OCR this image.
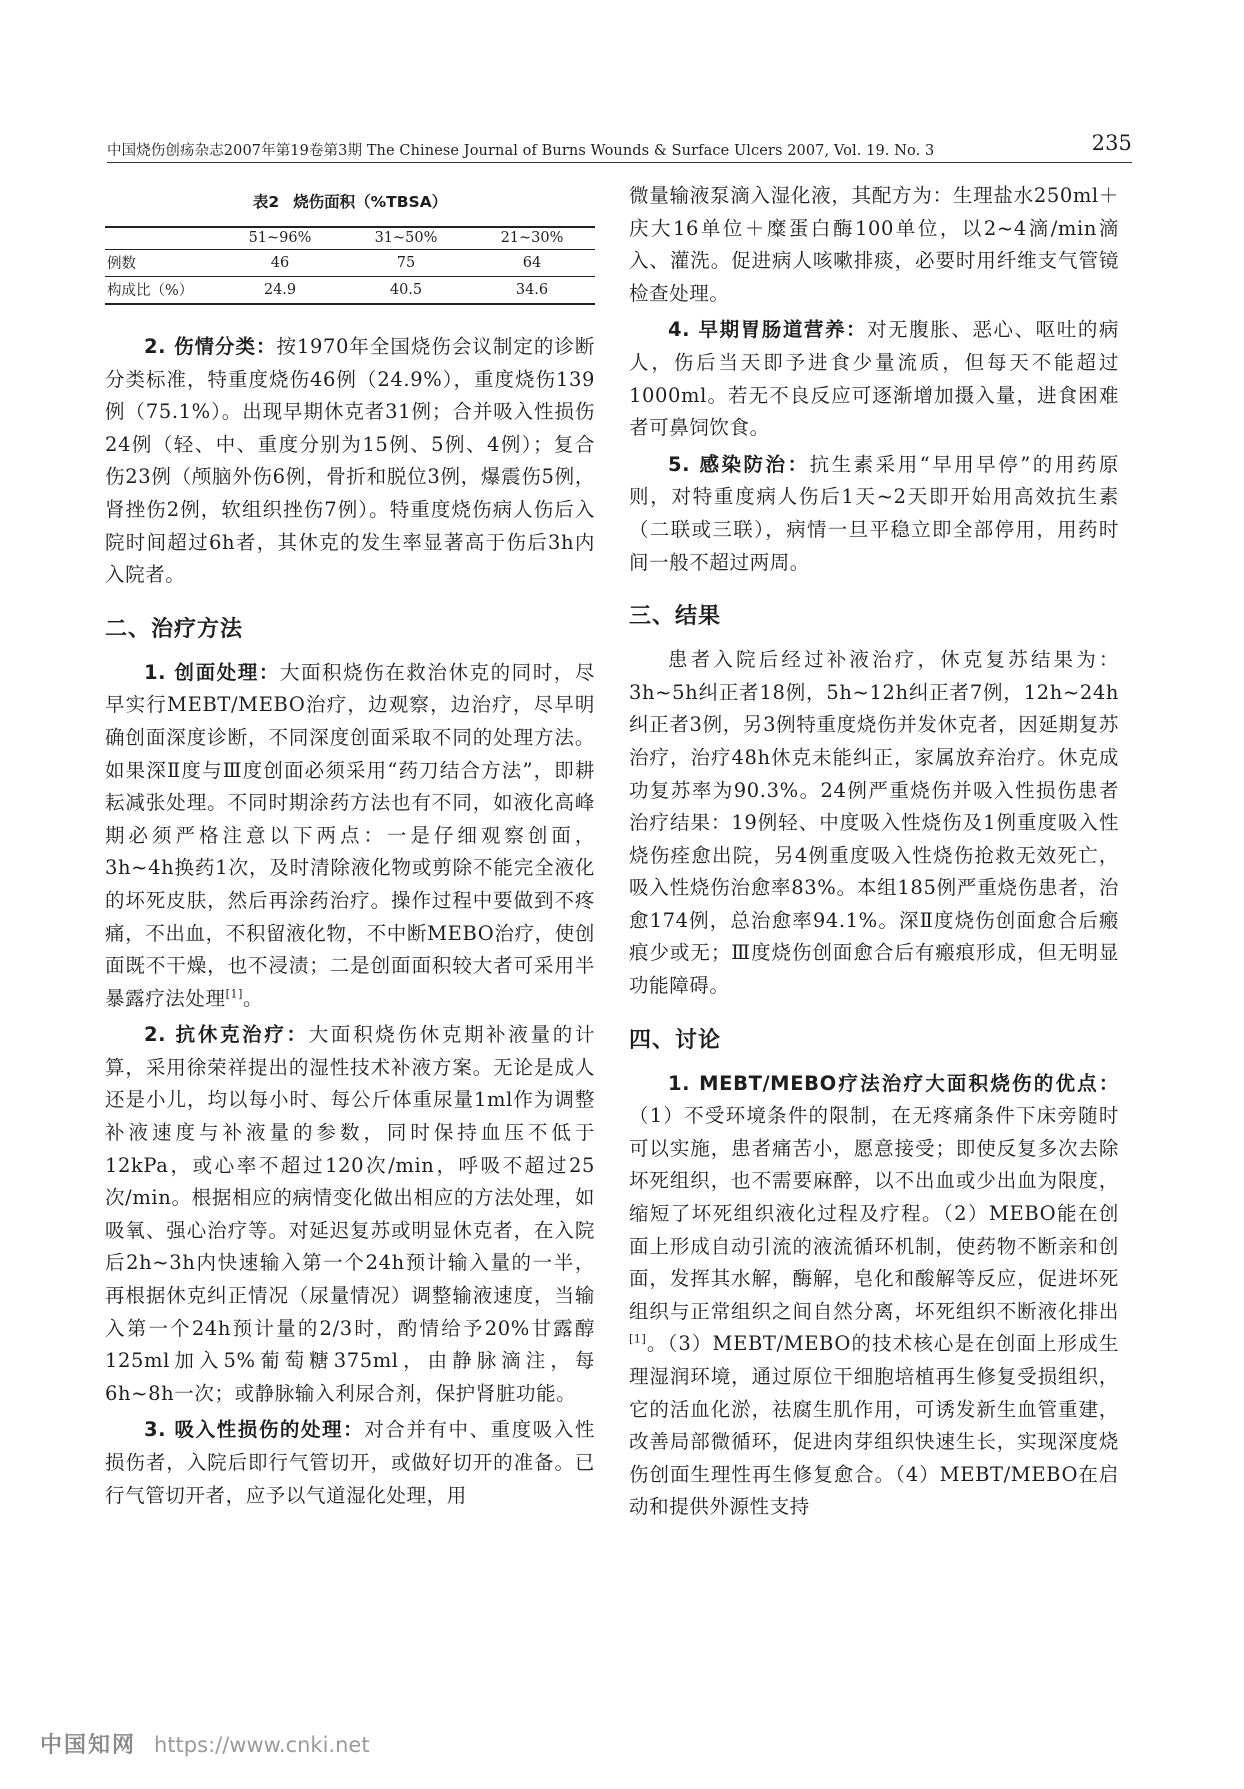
中国烧伤创疡杂志2007年第19卷第3期 The Chinese Journal of Burns Wounds & Surface Ulcers 2007, Vol. 19. No. 3	235
表2 烧伤面积（%TBSA）
	51~96%	31~50%	21~30%
例数	46	75	64
构成比（%）	24.9	40.5	34.6

2. 伤情分类：按1970年全国烧伤会议制定的诊断分类标准，特重度烧伤46例（24.9%），重度烧伤139例（75.1%）。出现早期休克者31例；合并吸入性损伤24例（轻、中、重度分别为15例、5例、4例）；复合伤23例（颅脑外伤6例，骨折和脱位3例，爆震伤5例，肾挫伤2例，软组织挫伤7例）。特重度烧伤病人伤后入院时间超过6h者，其休克的发生率显著高于伤后3h内入院者。

二、治疗方法

1. 创面处理：大面积烧伤在救治休克的同时，尽早实行MEBT/MEBO治疗，边观察，边治疗，尽早明确创面深度诊断，不同深度创面采取不同的处理方法。如果深Ⅱ度与Ⅲ度创面必须采用“药刀结合方法”，即耕耘减张处理。不同时期涂药方法也有不同，如液化高峰期必须严格注意以下两点：一是仔细观察创面，3h~4h换药1次，及时清除液化物或剪除不能完全液化的坏死皮肤，然后再涂药治疗。操作过程中要做到不疼痛，不出血，不积留液化物，不中断MEBO治疗，使创面既不干燥，也不浸渍；二是创面面积较大者可采用半暴露疗法处理[1]。

2. 抗休克治疗：大面积烧伤休克期补液量的计算，采用徐荣祥提出的湿性技术补液方案。无论是成人还是小儿，均以每小时、每公斤体重尿量1ml作为调整补液速度与补液量的参数，同时保持血压不低于12kPa，或心率不超过120次/min，呼吸不超过25次/min。根据相应的病情变化做出相应的方法处理，如吸氧、强心治疗等。对延迟复苏或明显休克者，在入院后2h~3h内快速输入第一个24h预计输入量的一半，再根据休克纠正情况（尿量情况）调整输液速度，当输入第一个24h预计量的2/3时，酌情给予20%甘露醇125ml加入5%葡萄糖375ml，由静脉滴注，每6h~8h一次；或静脉输入利尿合剂，保护肾脏功能。

3. 吸入性损伤的处理：对合并有中、重度吸入性损伤者，入院后即行气管切开，或做好切开的准备。已行气管切开者，应予以气道湿化处理，用

微量输液泵滴入湿化液，其配方为：生理盐水250ml＋庆大16单位＋糜蛋白酶100单位，以2~4滴/min滴入、灌洗。促进病人咳嗽排痰，必要时用纤维支气管镜检查处理。

4. 早期胃肠道营养：对无腹胀、恶心、呕吐的病人，伤后当天即予进食少量流质，但每天不能超过1000ml。若无不良反应可逐渐增加摄入量，进食困难者可鼻饲饮食。

5. 感染防治：抗生素采用“早用早停”的用药原则，对特重度病人伤后1天~2天即开始用高效抗生素（二联或三联），病情一旦平稳立即全部停用，用药时间一般不超过两周。

三、结果

患者入院后经过补液治疗，休克复苏结果为：3h~5h纠正者18例，5h~12h纠正者7例，12h~24h纠正者3例，另3例特重度烧伤并发休克者，因延期复苏治疗，治疗48h休克未能纠正，家属放弃治疗。休克成功复苏率为90.3%。24例严重烧伤并吸入性损伤患者治疗结果：19例轻、中度吸入性烧伤及1例重度吸入性烧伤痊愈出院，另4例重度吸入性烧伤抢救无效死亡，吸入性烧伤治愈率83%。本组185例严重烧伤患者，治愈174例，总治愈率94.1%。深Ⅱ度烧伤创面愈合后瘢痕少或无；Ⅲ度烧伤创面愈合后有瘢痕形成，但无明显功能障碍。

四、讨论

1. MEBT/MEBO疗法治疗大面积烧伤的优点：（1）不受环境条件的限制，在无疼痛条件下床旁随时可以实施，患者痛苦小，愿意接受；即使反复多次去除坏死组织，也不需要麻醉，以不出血或少出血为限度，缩短了坏死组织液化过程及疗程。（2）MEBO能在创面上形成自动引流的液流循环机制，使药物不断亲和创面，发挥其水解，酶解，皂化和酸解等反应，促进坏死组织与正常组织之间自然分离，坏死组织不断液化排出[1]。（3）MEBT/MEBO的技术核心是在创面上形成生理湿润环境，通过原位干细胞培植再生修复受损组织，它的活血化淤，祛腐生肌作用，可诱发新生血管重建，改善局部微循环，促进肉芽组织快速生长，实现深度烧伤创面生理性再生修复愈合。（4）MEBT/MEBO在启动和提供外源性支持

中国知网 https://www.cnki.net
